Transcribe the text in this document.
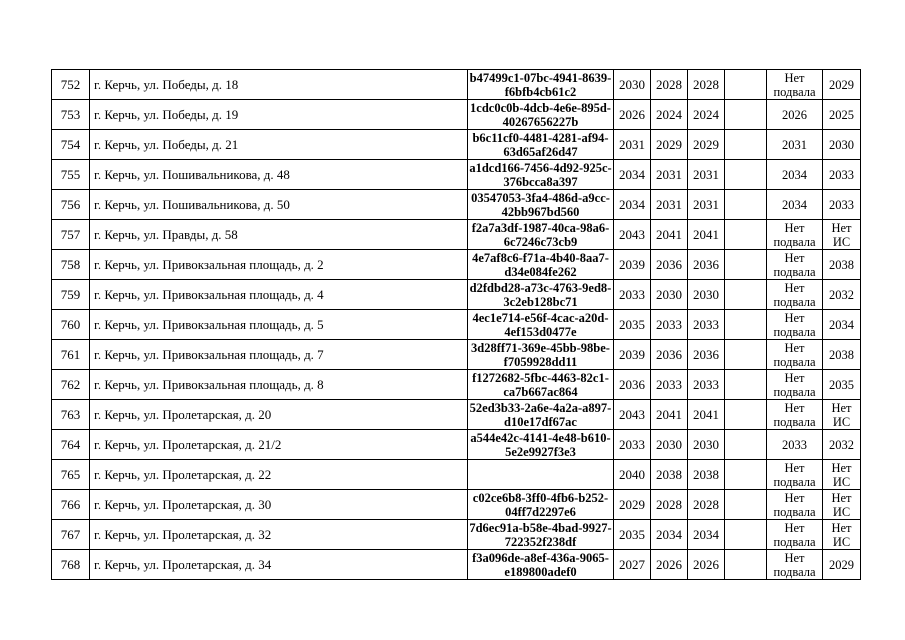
752	г. Керчь, ул. Победы, д. 18	b47499c1-07bc-4941-8639-f6bfb4cb61c2	2030	2028	2028		Нет подвала	2029
753	г. Керчь, ул. Победы, д. 19	1cdc0c0b-4dcb-4e6e-895d-40267656227b	2026	2024	2024		2026	2025
754	г. Керчь, ул. Победы, д. 21	b6c11cf0-4481-4281-af94-63d65af26d47	2031	2029	2029		2031	2030
755	г. Керчь, ул. Пошивальникова, д. 48	a1dcd166-7456-4d92-925c-376bcca8a397	2034	2031	2031		2034	2033
756	г. Керчь, ул. Пошивальникова, д. 50	03547053-3fa4-486d-a9cc-42bb967bd560	2034	2031	2031		2034	2033
757	г. Керчь, ул. Правды, д. 58	f2a7a3df-1987-40ca-98a6-6c7246c73cb9	2043	2041	2041		Нет подвала	Нет ИС
758	г. Керчь, ул. Привокзальная площадь, д. 2	4e7af8c6-f71a-4b40-8aa7-d34e084fe262	2039	2036	2036		Нет подвала	2038
759	г. Керчь, ул. Привокзальная площадь, д. 4	d2fdbd28-a73c-4763-9ed8-3c2eb128bc71	2033	2030	2030		Нет подвала	2032
760	г. Керчь, ул. Привокзальная площадь, д. 5	4ec1e714-e56f-4cac-a20d-4ef153d0477e	2035	2033	2033		Нет подвала	2034
761	г. Керчь, ул. Привокзальная площадь, д. 7	3d28ff71-369e-45bb-98be-f7059928dd11	2039	2036	2036		Нет подвала	2038
762	г. Керчь, ул. Привокзальная площадь, д. 8	f1272682-5fbc-4463-82c1-ca7b667ac864	2036	2033	2033		Нет подвала	2035
763	г. Керчь, ул. Пролетарская, д. 20	52ed3b33-2a6e-4a2a-a897-d10e17df67ac	2043	2041	2041		Нет подвала	Нет ИС
764	г. Керчь, ул. Пролетарская, д. 21/2	a544e42c-4141-4e48-b610-5e2e9927f3e3	2033	2030	2030		2033	2032
765	г. Керчь, ул. Пролетарская, д. 22		2040	2038	2038		Нет подвала	Нет ИС
766	г. Керчь, ул. Пролетарская, д. 30	c02ce6b8-3ff0-4fb6-b252-04ff7d2297e6	2029	2028	2028		Нет подвала	Нет ИС
767	г. Керчь, ул. Пролетарская, д. 32	7d6ec91a-b58e-4bad-9927-722352f238df	2035	2034	2034		Нет подвала	Нет ИС
768	г. Керчь, ул. Пролетарская, д. 34	f3a096de-a8ef-436a-9065-e189800adef0	2027	2026	2026		Нет подвала	2029
